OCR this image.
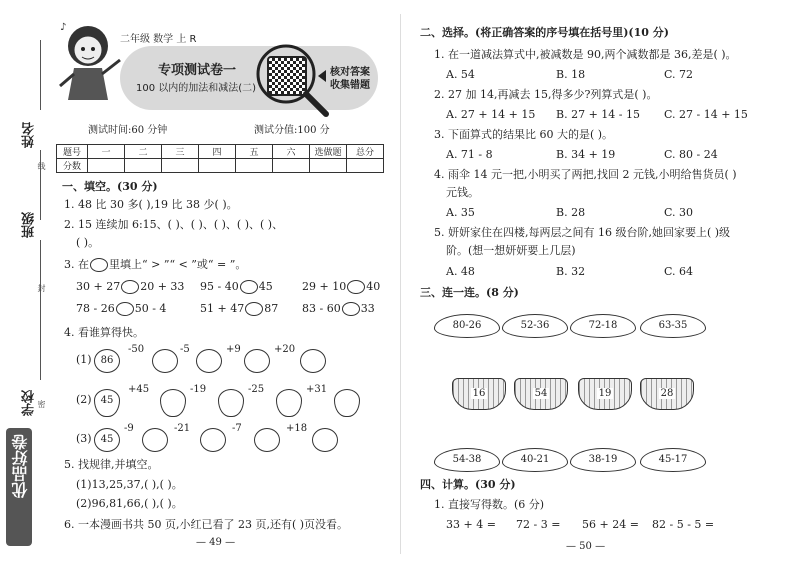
姓名
班级
学校
线
封
密
优品好卷
♪
二年级 数学 上 R
专项测试卷一
100 以内的加法和减法(二)
核对答案
收集错题
测试时间:60 分钟	测试分值:100 分
题号	一	二	三	四	五	六	选做题	总分
分数								
一、填空。(30 分)
1. 48 比 30 多( ),19 比 38 少( )。
2. 15 连续加 6:15、( )、( )、( )、( )、( )、
( )。
3. 在 里填上“ > ”“ < ”或“ = ”。
30 + 27 20 + 33 95 - 40 45	29 + 10 40
78 - 26 50 - 4	51 + 47 87 83 - 60 33
4. 看谁算得快。
(1) 86
-50	-5	+9	+20
(2) 45
+45	-19	-25	+31
(3) 45
-9	-21	-7	+18
5. 找规律,并填空。
(1)13,25,37,( ),( )。
(2)96,81,66,( ),( )。
6. 一本漫画书共 50 页,小红已看了 23 页,还有( )页没看。
— 49 —
二、选择。(将正确答案的序号填在括号里)(10 分)
1. 在一道减法算式中,被减数是 90,两个减数都是 36,差是( )。
A. 54	B. 18	C. 72
2. 27 加 14,再减去 15,得多少?列算式是( )。
A. 27 + 14 + 15 B. 27 + 14 - 15 C. 27 - 14 + 15
3. 下面算式的结果比 60 大的是( )。
A. 71 - 8	B. 34 + 19	C. 80 - 24
4. 雨伞 14 元一把,小明买了两把,找回 2 元钱,小明给售货员( )
元钱。
A. 35	B. 28	C. 30
5. 妍妍家住在四楼,每两层之间有 16 级台阶,她回家要上( )级
阶。(想一想妍妍要上几层)
A. 48	B. 32	C. 64
三、连一连。(8 分)
80-26	52-36	72-18	63-35
16	54	19	28
54-38	40-21	38-19	45-17
四、计算。(30 分)
1. 直接写得数。(6 分)
33 + 4 = 72 - 3 = 56 + 24 = 82 - 5 - 5 =
— 50 —
